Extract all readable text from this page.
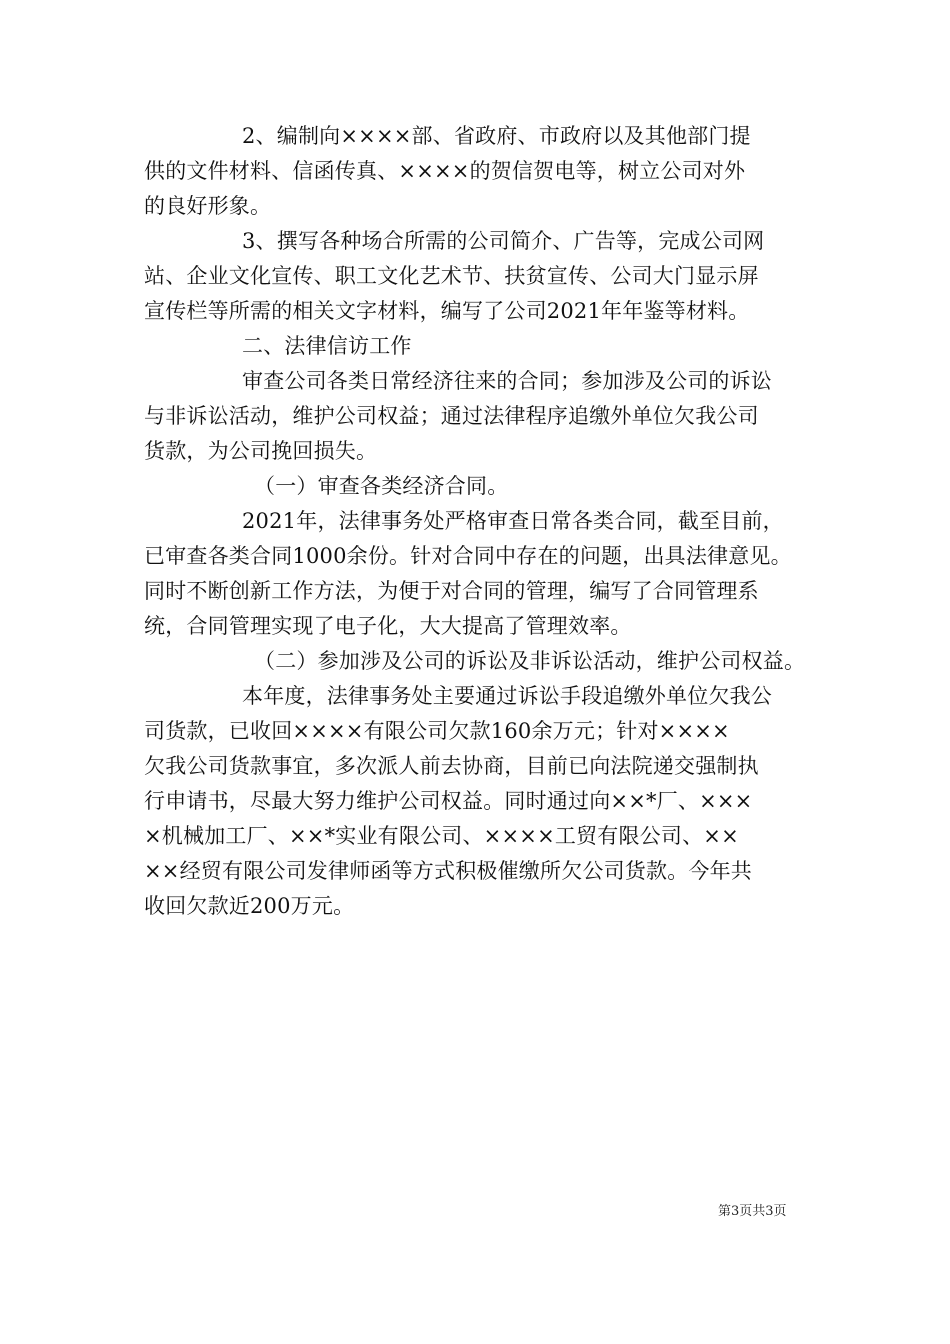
2、编制向××××部、省政府、市政府以及其他部门提
供的文件材料、信函传真、××××的贺信贺电等，树立公司对外
的良好形象。
3、撰写各种场合所需的公司简介、广告等，完成公司网
站、企业文化宣传、职工文化艺术节、扶贫宣传、公司大门显示屏
宣传栏等所需的相关文字材料，编写了公司2021年年鉴等材料。
二、法律信访工作
审查公司各类日常经济往来的合同；参加涉及公司的诉讼
与非诉讼活动，维护公司权益；通过法律程序追缴外单位欠我公司
货款，为公司挽回损失。
（一）审查各类经济合同。
2021年，法律事务处严格审查日常各类合同，截至目前，
已审查各类合同1000余份。针对合同中存在的问题，出具法律意见。
同时不断创新工作方法，为便于对合同的管理，编写了合同管理系
统，合同管理实现了电子化，大大提高了管理效率。
（二）参加涉及公司的诉讼及非诉讼活动，维护公司权益。
本年度，法律事务处主要通过诉讼手段追缴外单位欠我公
司货款，已收回××××有限公司欠款160余万元；针对××××
欠我公司货款事宜，多次派人前去协商，目前已向法院递交强制执
行申请书，尽最大努力维护公司权益。同时通过向××*厂、×××
×机械加工厂、××*实业有限公司、××××工贸有限公司、××
××经贸有限公司发律师函等方式积极催缴所欠公司货款。今年共
收回欠款近200万元。
第3页共3页
